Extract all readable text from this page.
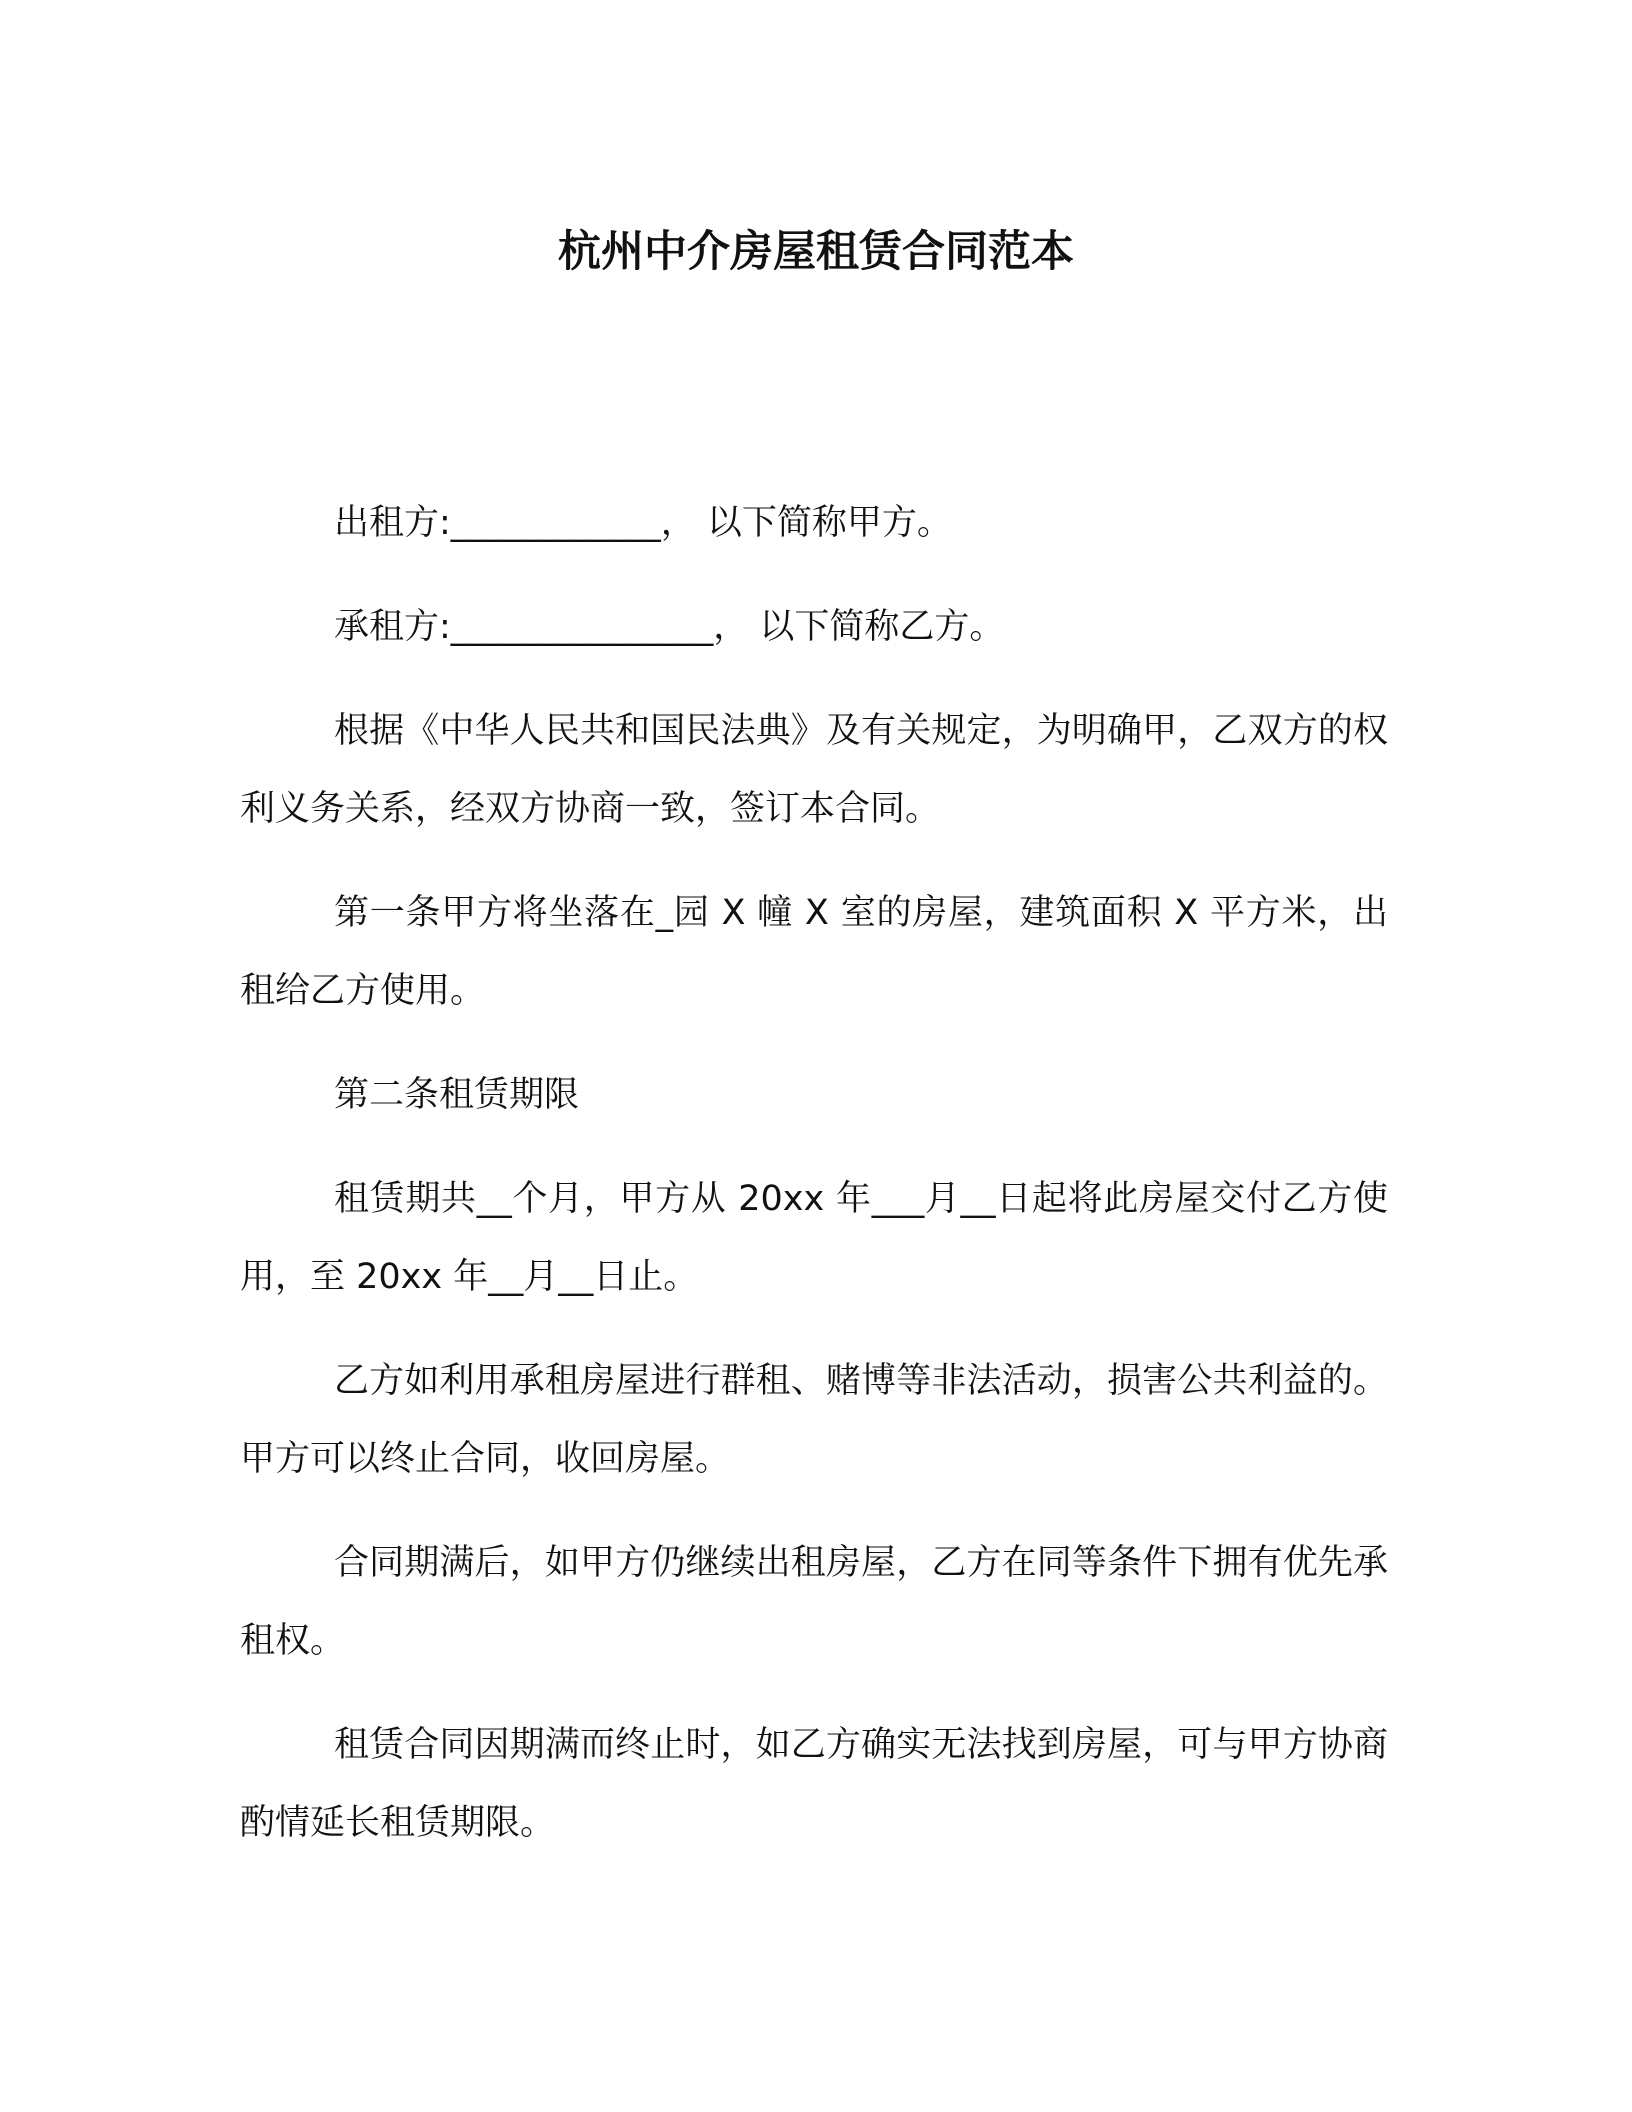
杭州中介房屋租赁合同范本

出租方:____________， 以下简称甲方。

承租方:_______________， 以下简称乙方。

根据《中华人民共和国民法典》及有关规定，为明确甲，乙双方的权利义务关系，经双方协商一致，签订本合同。

第一条甲方将坐落在_园 X 幢 X 室的房屋，建筑面积 X 平方米，出租给乙方使用。

第二条租赁期限

租赁期共__个月，甲方从 20xx 年___月__日起将此房屋交付乙方使用，至 20xx 年__月__日止。

乙方如利用承租房屋进行群租、赌博等非法活动，损害公共利益的。甲方可以终止合同，收回房屋。

合同期满后，如甲方仍继续出租房屋，乙方在同等条件下拥有优先承租权。

租赁合同因期满而终止时，如乙方确实无法找到房屋，可与甲方协商酌情延长租赁期限。
